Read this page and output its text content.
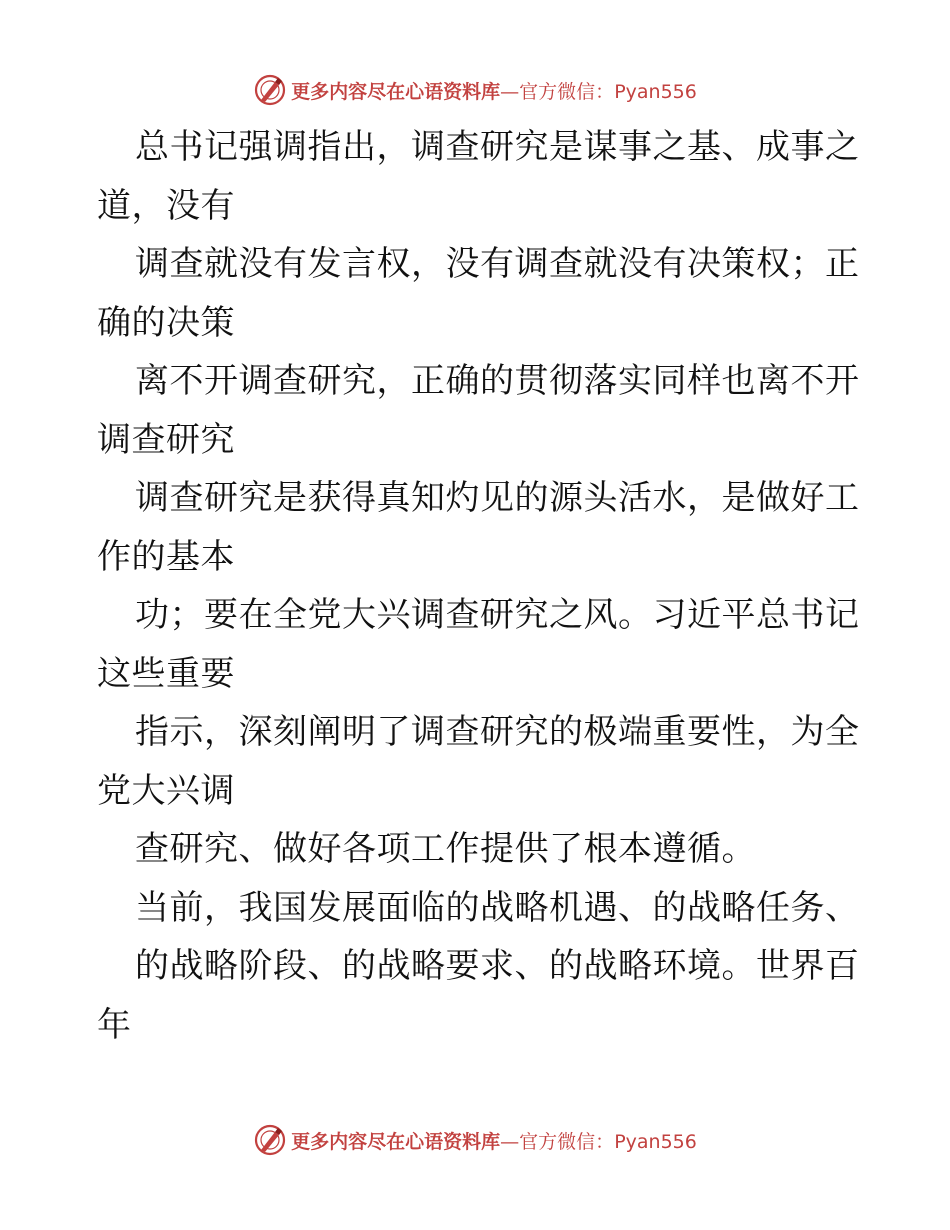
更多内容尽在心语资料库—官方微信：Pyan556
总书记强调指出，调查研究是谋事之基、成事之
道，没有
调查就没有发言权，没有调查就没有决策权；正
确的决策
离不开调查研究，正确的贯彻落实同样也离不开
调查研究
调查研究是获得真知灼见的源头活水，是做好工
作的基本
功；要在全党大兴调查研究之风。习近平总书记
这些重要
指示，深刻阐明了调查研究的极端重要性，为全
党大兴调
查研究、做好各项工作提供了根本遵循。
当前，我国发展面临的战略机遇、的战略任务、
的战略阶段、的战略要求、的战略环境。世界百
年
更多内容尽在心语资料库—官方微信：Pyan556
